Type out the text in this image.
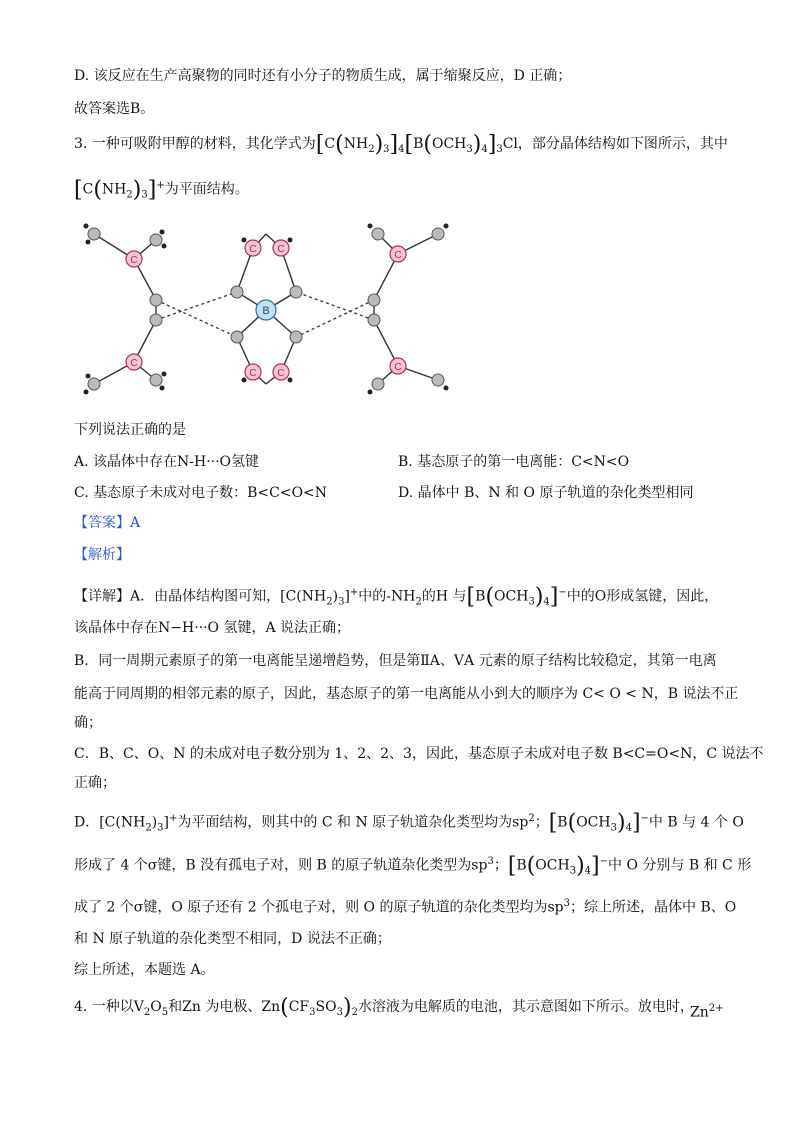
D. 该反应在生产高聚物的同时还有小分子的物质生成，属于缩聚反应，D 正确；
故答案选B。
3. 一种可吸附甲醇的材料，其化学式为$[C(NH_2)_3]_4[B(OCH_3)_4]_3Cl$，部分晶体结构如下图所示，其中
$[C(NH_2)_3]^+$为平面结构。
C
C
C C
C C
C
C
B
下列说法正确的是
A. 该晶体中存在N-H···O氢键	B. 基态原子的第一电离能：C<N<O
C. 基态原子未成对电子数：B<C<O<N	D. 晶体中 B、N 和 O 原子轨道的杂化类型相同
【答案】A
【解析】
【详解】A．由晶体结构图可知，$[C(NH_2)_3]^+$中的$-NH_2$的H 与$[B(OCH_3)_4]^-$中的O形成氢键，因此，
该晶体中存在N−H···O 氢键，A 说法正确；
B．同一周期元素原子的第一电离能呈递增趋势，但是第ⅡA、ⅤA 元素的原子结构比较稳定，其第一电离
能高于同周期的相邻元素的原子，因此，基态原子的第一电离能从小到大的顺序为 C< O < N，B 说法不正
确；
C．B、C、O、N 的未成对电子数分别为 1、2、2、3，因此，基态原子未成对电子数 B<C=O<N，C 说法不
正确；
D．$[C(NH_2)_3]^+$为平面结构，则其中的 C 和 N 原子轨道杂化类型均为$sp^2$；$[B(OCH_3)_4]^-$中 B 与 4 个 O
形成了 4 个σ键，B 没有孤电子对，则 B 的原子轨道杂化类型为$sp^3$；$[B(OCH_3)_4]^-$中 O 分别与 B 和 C 形
成了 2 个σ键，O 原子还有 2 个孤电子对，则 O 的原子轨道的杂化类型均为$sp^3$；综上所述，晶体中 B、O
和 N 原子轨道的杂化类型不相同，D 说法不正确；
综上所述，本题选 A。
4. 一种以$V_2O_5$和Zn 为电极、$Zn(CF_3SO_3)_2$水溶液为电解质的电池，其示意图如下所示。放电时，
$Zn^{2+}$
